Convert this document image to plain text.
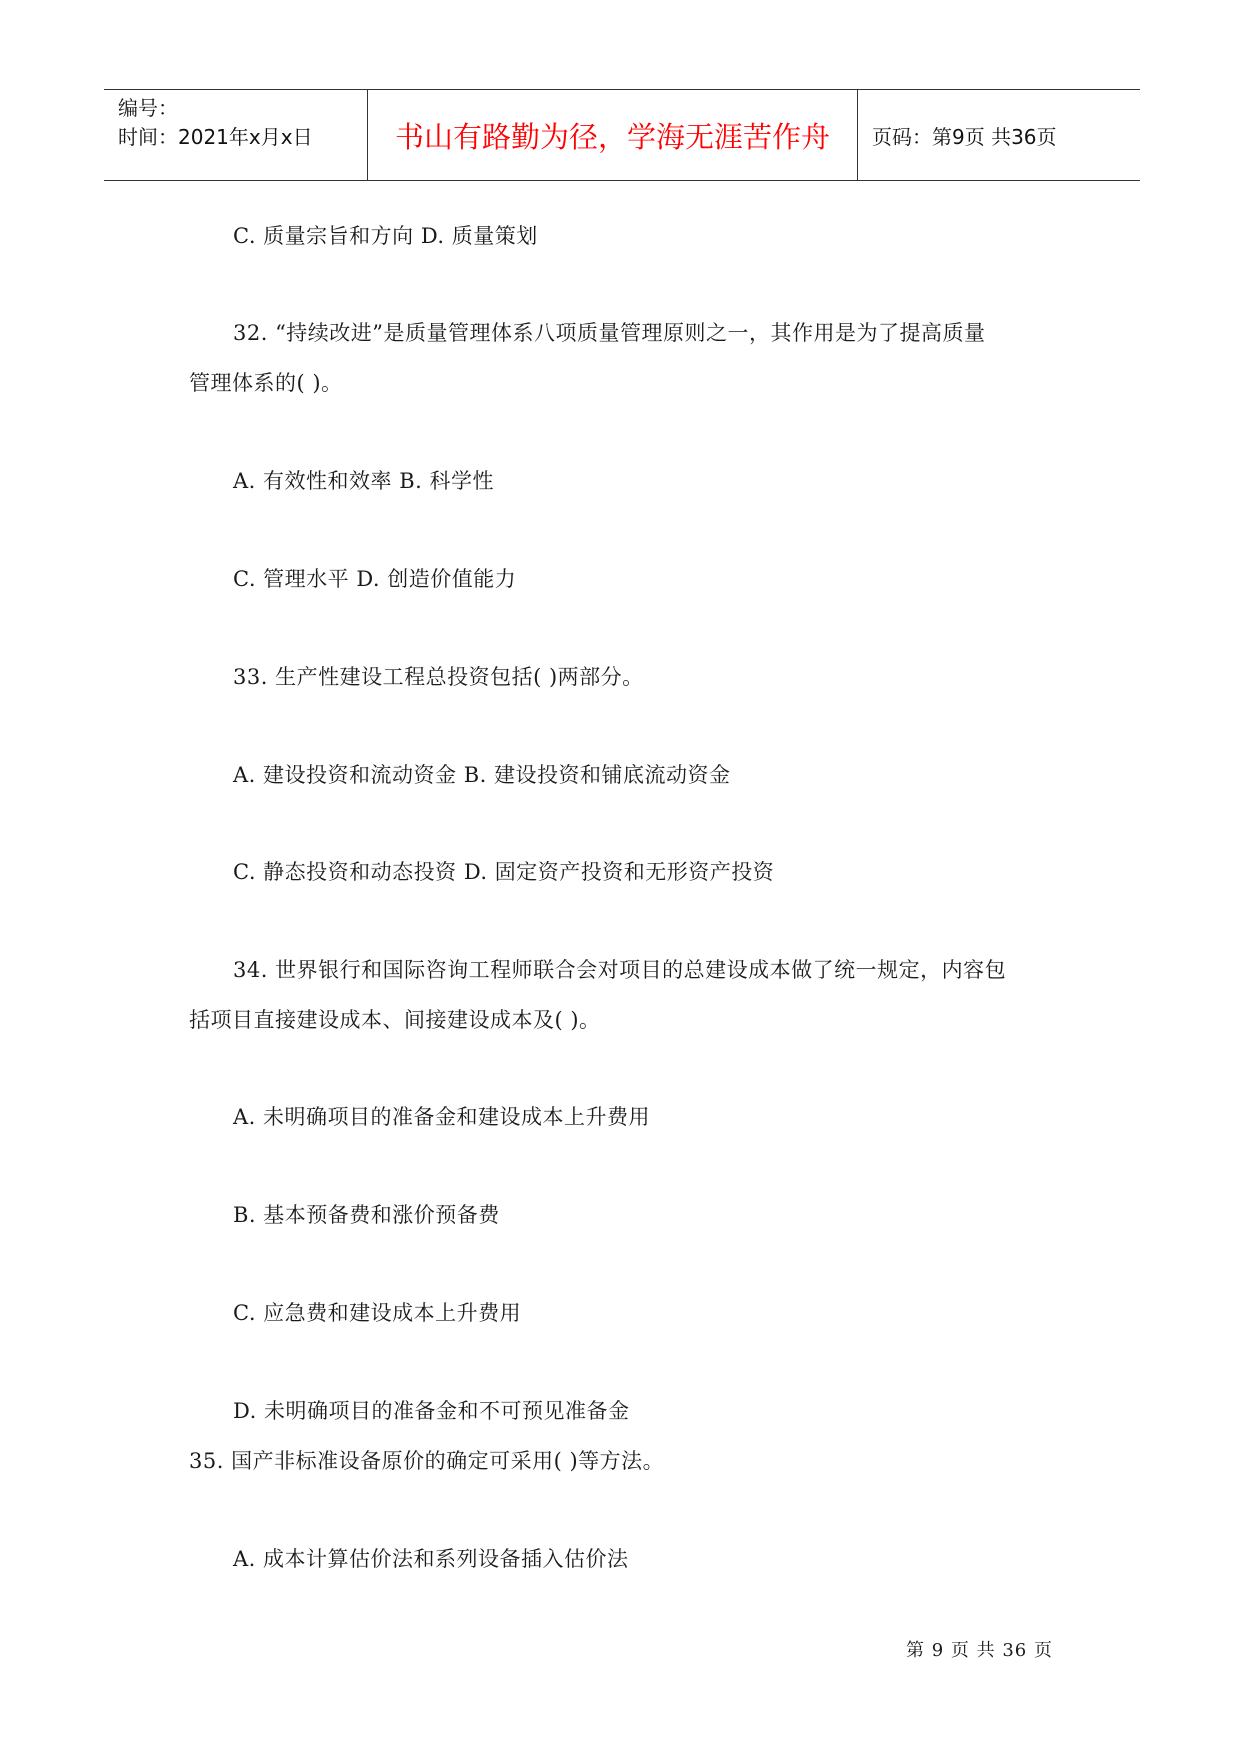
编号：
时间：2021年x月x日	书山有路勤为径，学海无涯苦作舟	页码：第9页 共36页
C. 质量宗旨和方向 D. 质量策划
32. “持续改进”是质量管理体系八项质量管理原则之一，其作用是为了提高质量
管理体系的( )。
A. 有效性和效率 B. 科学性
C. 管理水平 D. 创造价值能力
33. 生产性建设工程总投资包括( )两部分。
A. 建设投资和流动资金 B. 建设投资和铺底流动资金
C. 静态投资和动态投资 D. 固定资产投资和无形资产投资
34. 世界银行和国际咨询工程师联合会对项目的总建设成本做了统一规定，内容包
括项目直接建设成本、间接建设成本及( )。
A. 未明确项目的准备金和建设成本上升费用
B. 基本预备费和涨价预备费
C. 应急费和建设成本上升费用
D. 未明确项目的准备金和不可预见准备金
35. 国产非标准设备原价的确定可采用( )等方法。
A. 成本计算估价法和系列设备插入估价法
第 9 页 共 36 页
